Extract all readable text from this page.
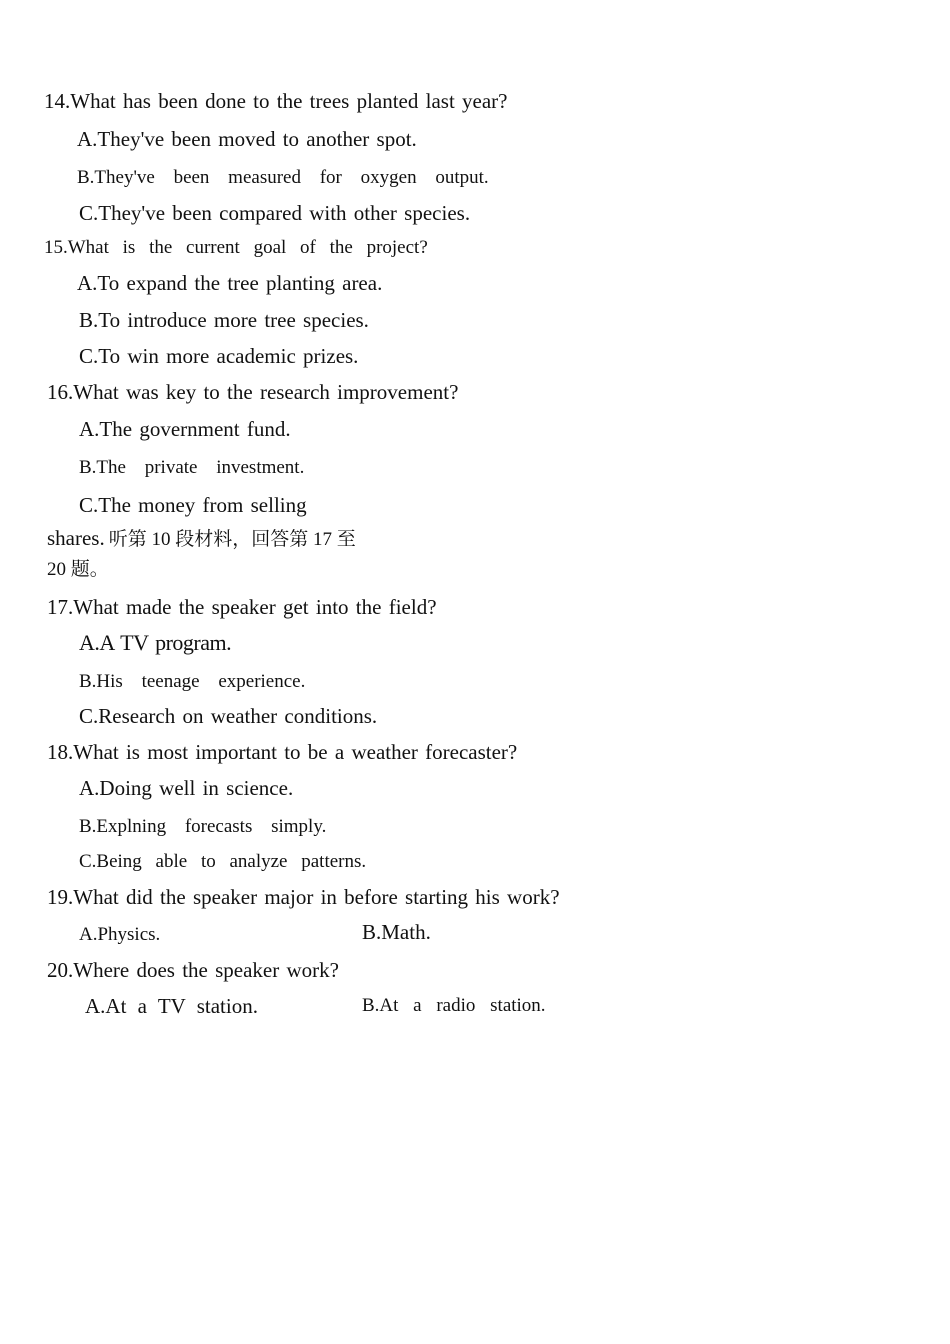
14.What has been done to the trees planted last year?
A.They've been moved to another spot.
B.They've been measured for oxygen output.
C.They've been compared with other species.
15.What is the current goal of the project?
A.To expand the tree planting area.
B.To introduce more tree species.
C.To win more academic prizes.
16.What was key to the research improvement?
A.The government fund.
B.The private investment.
C.The money from selling
shares. 听第 10 段材料，回答第 17 至
20 题。
17.What made the speaker get into the field?
A.A TV program.
B.His teenage experience.
C.Research on weather conditions.
18.What is most important to be a weather forecaster?
A.Doing well in science.
B.Explning forecasts simply.
C.Being able to analyze patterns.
19.What did the speaker major in before starting his work?
A.Physics.	B.Math.
20.Where does the speaker work?
A.At a TV station.	B.At a radio station.
